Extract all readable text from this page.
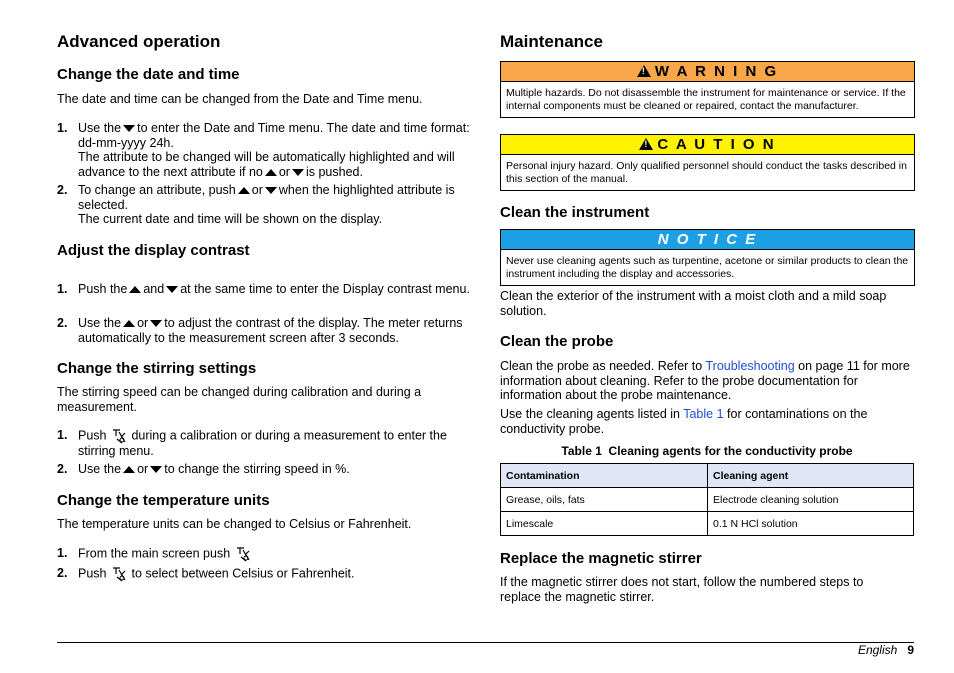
Advanced operation
Change the date and time

The date and time can be changed from the Date and Time menu.

1. Use the to enter the Date and Time menu. The date and time format: dd-mm-yyyy 24h.
The attribute to be changed will be automatically highlighted and will advance to the next attribute if no or is pushed.
2. To change an attribute, push or when the highlighted attribute is selected.
The current date and time will be shown on the display.
Adjust the display contrast
1. Push the and at the same time to enter the Display contrast menu.
2. Use the or to adjust the contrast of the display. The meter returns automatically to the measurement screen after 3 seconds.
Change the stirring settings

The stirring speed can be changed during calibration and during a measurement.

1. Push during a calibration or during a measurement to enter the stirring menu.
2. Use the or to change the stirring speed in %.
Change the temperature units

The temperature units can be changed to Celsius or Fahrenheit.

1. From the main screen push
2. Push to select between Celsius or Fahrenheit.
Maintenance
!W A R N I N G
Multiple hazards. Do not disassemble the instrument for maintenance or service. If the internal components must be cleaned or repaired, contact the manufacturer.
!C A U T I O N
Personal injury hazard. Only qualified personnel should conduct the tasks described in this section of the manual.
Clean the instrument
N O T I C E
Never use cleaning agents such as turpentine, acetone or similar products to clean the instrument including the display and accessories.

Clean the exterior of the instrument with a moist cloth and a mild soap solution.

Clean the probe

Clean the probe as needed. Refer to Troubleshooting on page 11 for more information about cleaning. Refer to the probe documentation for information about the probe maintenance.

Use the cleaning agents listed in Table 1 for contaminations on the conductivity probe.

Table 1  Cleaning agents for the conductivity probe
Contamination	Cleaning agent
Grease, oils, fats	Electrode cleaning solution
Limescale	0.1 N HCl solution
Replace the magnetic stirrer

If the magnetic stirrer does not start, follow the numbered steps to replace the magnetic stirrer.

English 9
